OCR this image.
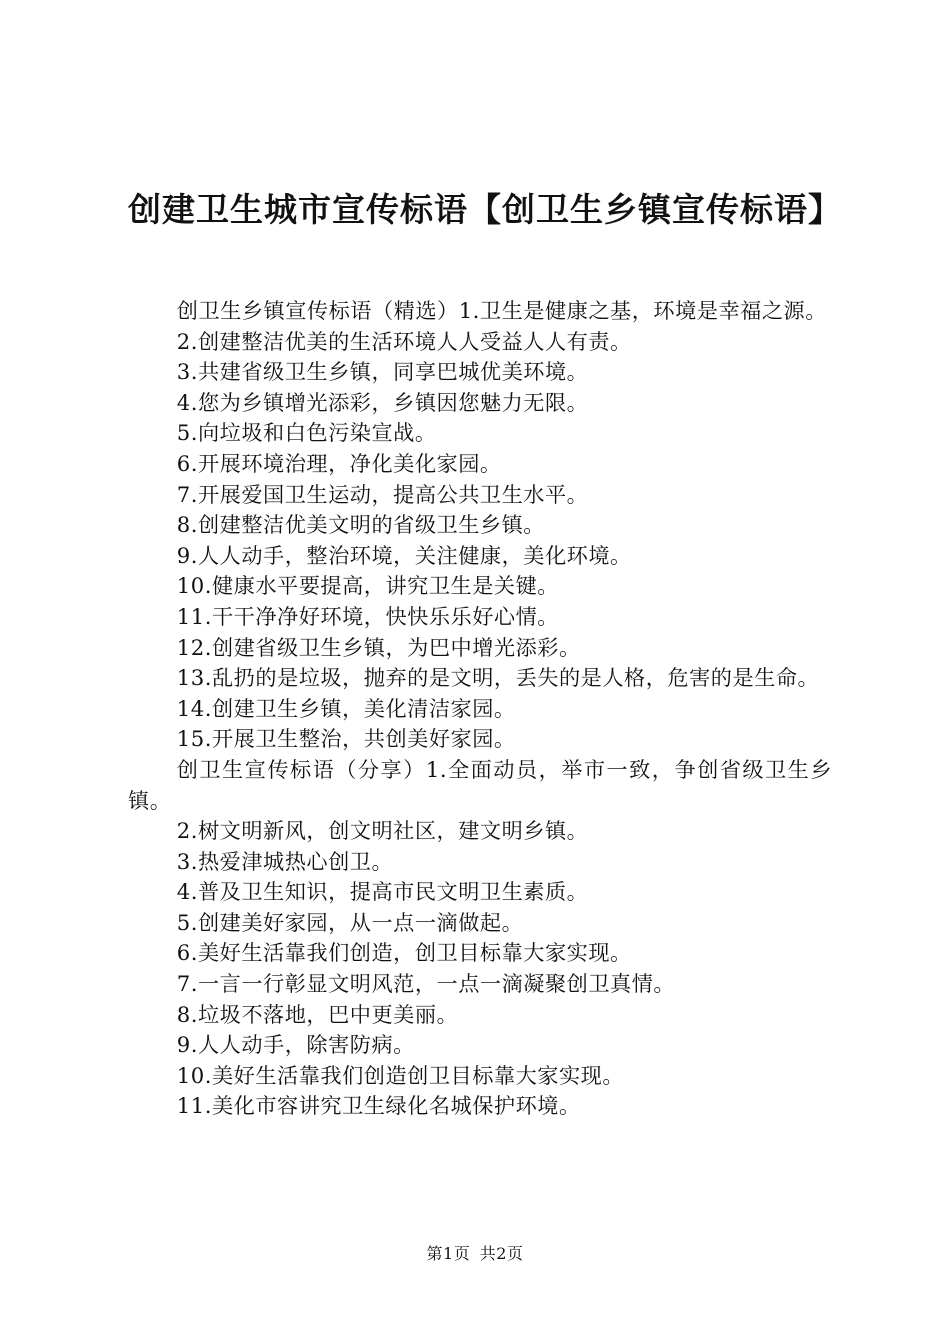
创建卫生城市宣传标语【创卫生乡镇宣传标语】

创卫生乡镇宣传标语（精选）1.卫生是健康之基，环境是幸福之源。

2.创建整洁优美的生活环境人人受益人人有责。

3.共建省级卫生乡镇，同享巴城优美环境。

4.您为乡镇增光添彩，乡镇因您魅力无限。

5.向垃圾和白色污染宣战。

6.开展环境治理，净化美化家园。

7.开展爱国卫生运动，提高公共卫生水平。

8.创建整洁优美文明的省级卫生乡镇。

9.人人动手，整治环境，关注健康，美化环境。

10.健康水平要提高，讲究卫生是关键。

11.干干净净好环境，快快乐乐好心情。

12.创建省级卫生乡镇，为巴中增光添彩。

13.乱扔的是垃圾，抛弃的是文明，丢失的是人格，危害的是生命。

14.创建卫生乡镇，美化清洁家园。

15.开展卫生整治，共创美好家园。

创卫生宣传标语（分享）1.全面动员，举市一致，争创省级卫生乡镇。

2.树文明新风，创文明社区，建文明乡镇。

3.热爱津城热心创卫。

4.普及卫生知识，提高市民文明卫生素质。

5.创建美好家园，从一点一滴做起。

6.美好生活靠我们创造，创卫目标靠大家实现。

7.一言一行彰显文明风范，一点一滴凝聚创卫真情。

8.垃圾不落地，巴中更美丽。

9.人人动手，除害防病。

10.美好生活靠我们创造创卫目标靠大家实现。

11.美化市容讲究卫生绿化名城保护环境。

第1页 共2页
